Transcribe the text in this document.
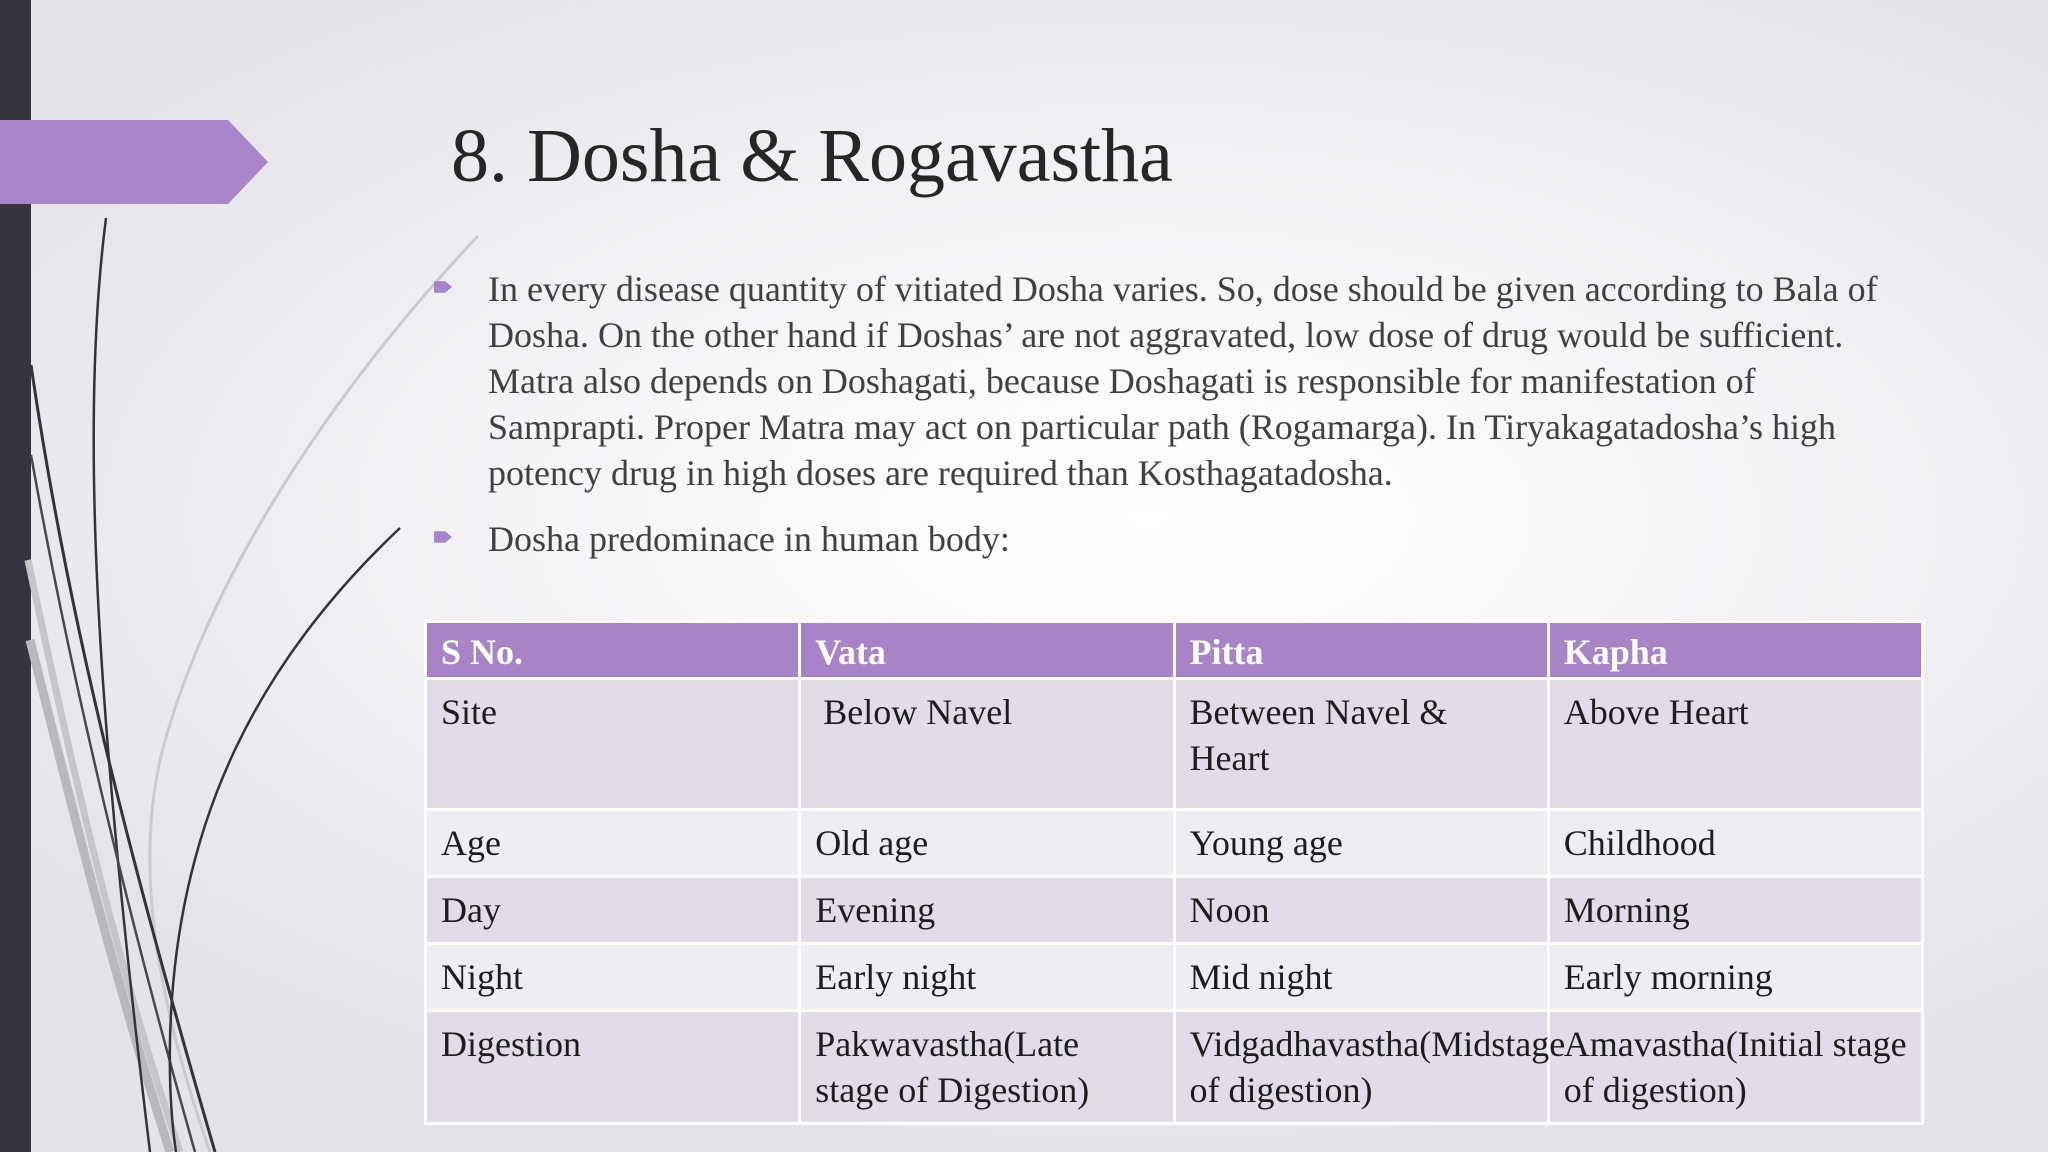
8. Dosha & Rogavastha
In every disease quantity of vitiated Dosha varies. So, dose should be given according to Bala of Dosha. On the other hand if Doshas’ are not aggravated, low dose of drug would be sufficient. Matra also depends on Doshagati, because Doshagati is responsible for manifestation of Samprapti. Proper Matra may act on particular path (Rogamarga). In Tiryakagatadosha’s high potency drug in high doses are required than Kosthagatadosha.
Dosha predominace in human body:
S No.	Vata	Pitta	Kapha
Site	Below Navel	Between Navel & Heart	Above Heart
Age	Old age	Young age	Childhood
Day	Evening	Noon	Morning
Night	Early night	Mid night	Early morning
Digestion	Pakwavastha(Late stage of Digestion)	Vidgadhavastha(Midstage of digestion)	Amavastha(Initial stage of digestion)
